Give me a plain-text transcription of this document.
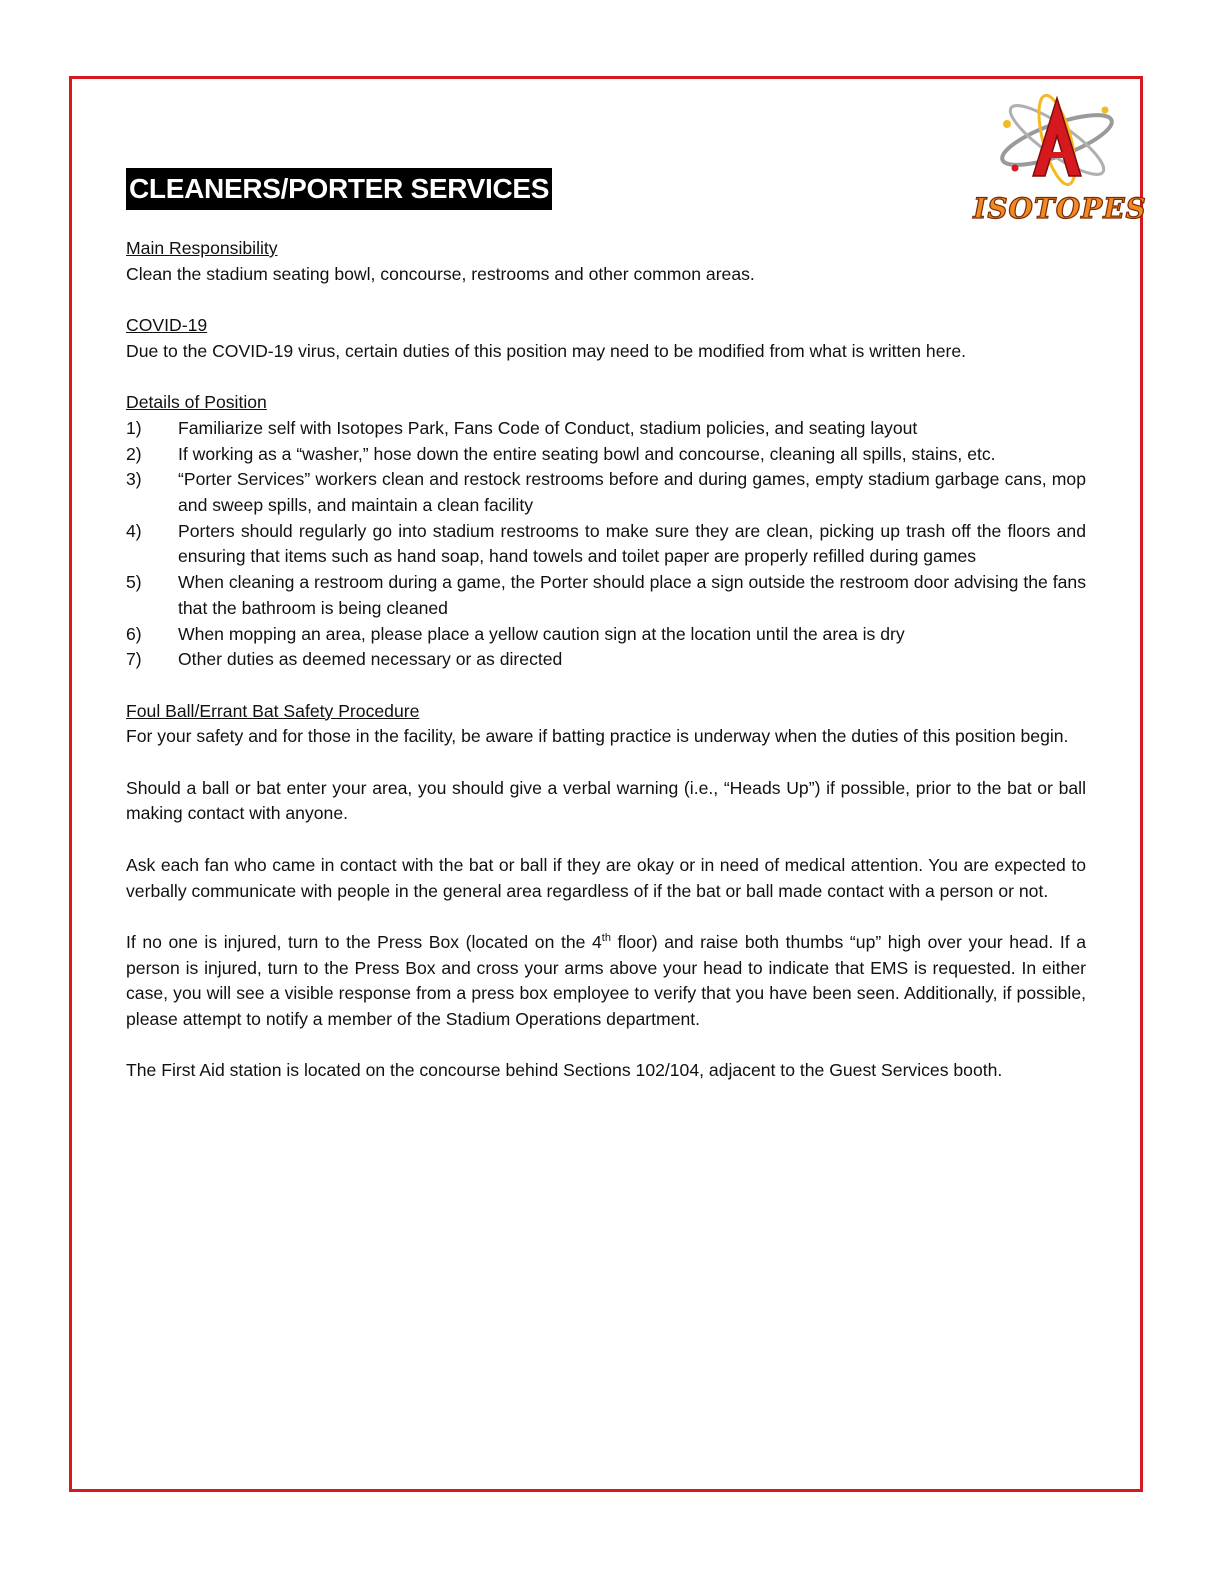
ISOTOPES
CLEANERS/PORTER SERVICES
Main Responsibility
Clean the stadium seating bowl, concourse, restrooms and other common areas.
COVID-19
Due to the COVID-19 virus, certain duties of this position may need to be modified from what is written here.
Details of Position
1) Familiarize self with Isotopes Park, Fans Code of Conduct, stadium policies, and seating layout
2) If working as a “washer,” hose down the entire seating bowl and concourse, cleaning all spills, stains, etc.
3) “Porter Services” workers clean and restock restrooms before and during games, empty stadium garbage cans, mop and sweep spills, and maintain a clean facility
4) Porters should regularly go into stadium restrooms to make sure they are clean, picking up trash off the floors and ensuring that items such as hand soap, hand towels and toilet paper are properly refilled during games
5) When cleaning a restroom during a game, the Porter should place a sign outside the restroom door advising the fans that the bathroom is being cleaned
6) When mopping an area, please place a yellow caution sign at the location until the area is dry
7) Other duties as deemed necessary or as directed
Foul Ball/Errant Bat Safety Procedure

For your safety and for those in the facility, be aware if batting practice is underway when the duties of this position begin.

Should a ball or bat enter your area, you should give a verbal warning (i.e., “Heads Up”) if possible, prior to the bat or ball making contact with anyone.

Ask each fan who came in contact with the bat or ball if they are okay or in need of medical attention. You are expected to verbally communicate with people in the general area regardless of if the bat or ball made contact with a person or not.

If no one is injured, turn to the Press Box (located on the 4th floor) and raise both thumbs “up” high over your head. If a person is injured, turn to the Press Box and cross your arms above your head to indicate that EMS is requested. In either case, you will see a visible response from a press box employee to verify that you have been seen. Additionally, if possible, please attempt to notify a member of the Stadium Operations department.

The First Aid station is located on the concourse behind Sections 102/104, adjacent to the Guest Services booth.
